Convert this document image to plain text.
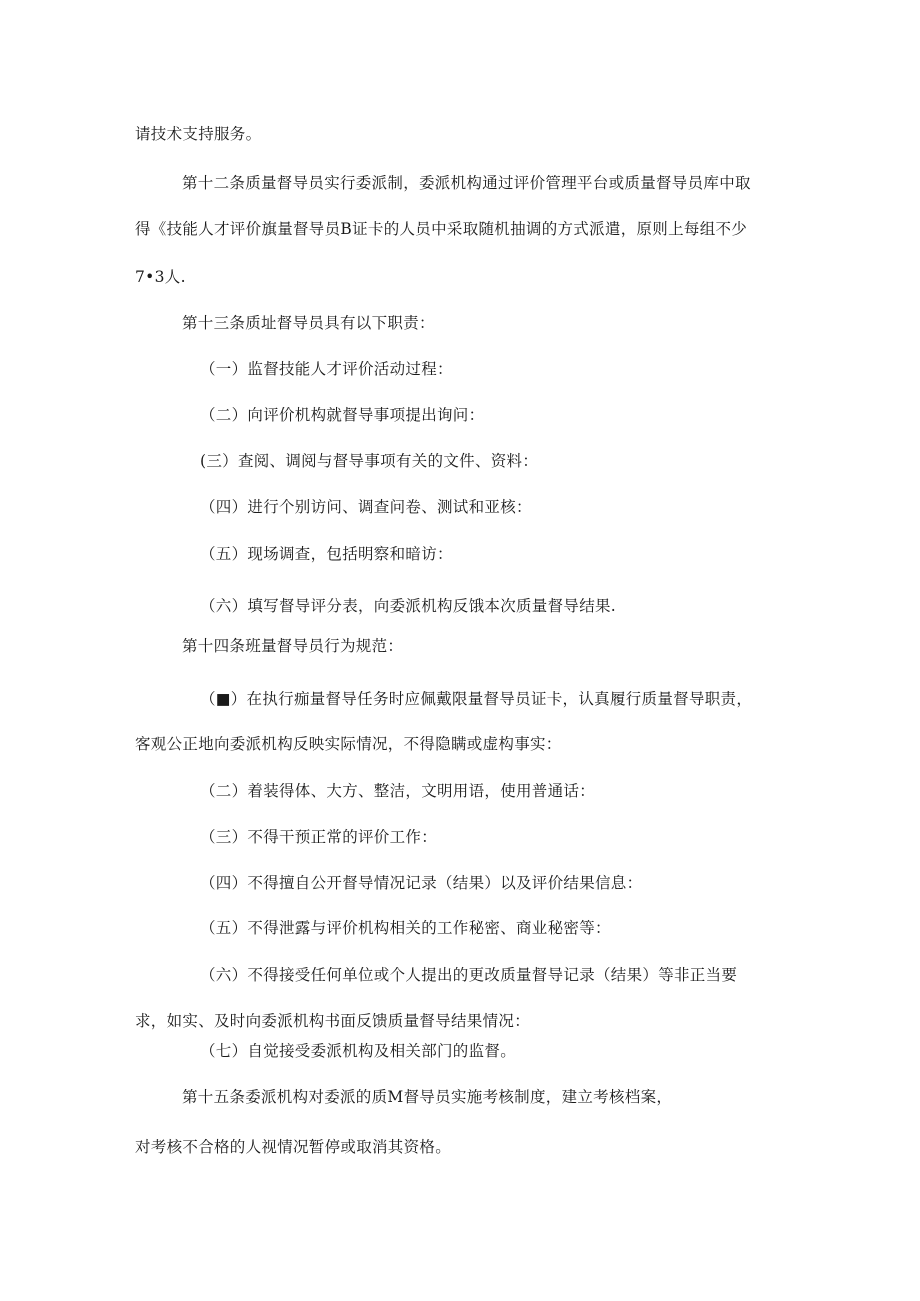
请技术支持服务。
第十二条质量督导员实行委派制，委派机构通过评价管理平台或质量督导员库中取
得《技能人才评价旗量督导员B证卡的人员中采取随机抽调的方式派遣，原则上每组不少
7•3人.
第十三条质址督导员具有以下职责：
（一）监督技能人才评价活动过程：
（二）向评价机构就督导事项提出询问：
(三）查阅、调阅与督导事项有关的文件、资料：
（四）进行个别访问、调查问卷、测试和亚核：
（五）现场调查，包括明察和暗访：
（六）填写督导评分表，向委派机构反饿本次质量督导结果.
第十四条班量督导员行为规范：
（■）在执行痂量督导任务时应佩戴限量督导员证卡，认真履行质量督导职责，
客观公正地向委派机构反映实际情况，不得隐瞒或虚构事实：
（二）着装得体、大方、整洁，文明用语，使用普通话：
（三）不得干预正常的评价工作：
（四）不得擅自公开督导情况记录（结果）以及评价结果信息：
（五）不得泄露与评价机构相关的工作秘密、商业秘密等：
（六）不得接受任何单位或个人提出的更改质量督导记录（结果）等非正当要
求，如实、及时向委派机构书面反馈质量督导结果情况：
（七）自觉接受委派机构及相关部门的监督。
第十五条委派机构对委派的质M督导员实施考核制度，建立考核档案，
对考核不合格的人视情况暂停或取消其资格。
